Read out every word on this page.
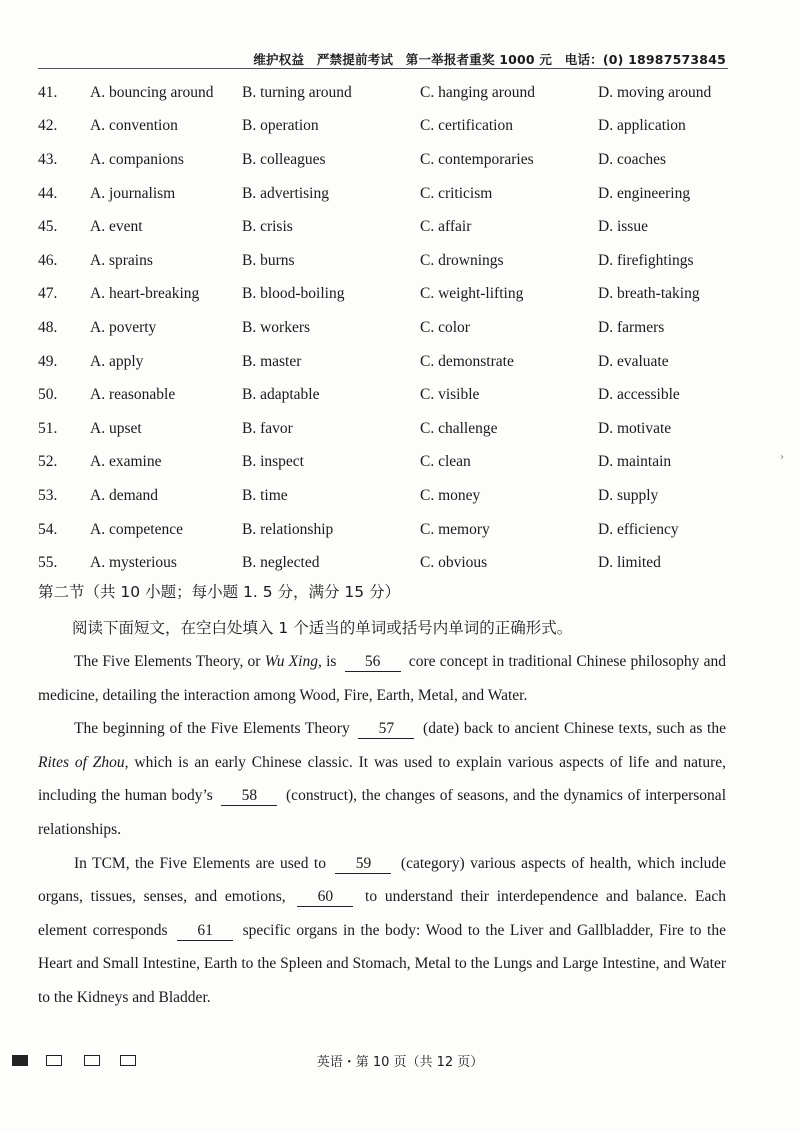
维护权益　严禁提前考试　第一举报者重奖 1000 元　电话：(0) 18987573845
41.	A. bouncing around	B. turning around	C. hanging around	D. moving around
42.	A. convention	B. operation	C. certification	D. application
43.	A. companions	B. colleagues	C. contemporaries	D. coaches
44.	A. journalism	B. advertising	C. criticism	D. engineering
45.	A. event	B. crisis	C. affair	D. issue
46.	A. sprains	B. burns	C. drownings	D. firefightings
47.	A. heart-breaking	B. blood-boiling	C. weight-lifting	D. breath-taking
48.	A. poverty	B. workers	C. color	D. farmers
49.	A. apply	B. master	C. demonstrate	D. evaluate
50.	A. reasonable	B. adaptable	C. visible	D. accessible
51.	A. upset	B. favor	C. challenge	D. motivate
52.	A. examine	B. inspect	C. clean	D. maintain
53.	A. demand	B. time	C. money	D. supply
54.	A. competence	B. relationship	C. memory	D. efficiency
55.	A. mysterious	B. neglected	C. obvious	D. limited
第二节（共 10 小题；每小题 1. 5 分，满分 15 分）
阅读下面短文，在空白处填入 1 个适当的单词或括号内单词的正确形式。

The Five Elements Theory, or Wu Xing, is 56 core concept in traditional Chinese philosophy and medicine, detailing the interaction among Wood, Fire, Earth, Metal, and Water.

The beginning of the Five Elements Theory 57 (date) back to ancient Chinese texts, such as the Rites of Zhou, which is an early Chinese classic. It was used to explain various aspects of life and nature, including the human body’s 58 (construct), the changes of seasons, and the dynamics of interpersonal relationships.

In TCM, the Five Elements are used to 59 (category) various aspects of health, which include organs, tissues, senses, and emotions, 60 to understand their interdependence and balance. Each element corresponds 61 specific organs in the body: Wood to the Liver and Gallbladder, Fire to the Heart and Small Intestine, Earth to the Spleen and Stomach, Metal to the Lungs and Large Intestine, and Water to the Kidneys and Bladder.

英语・第 10 页（共 12 页）
›
